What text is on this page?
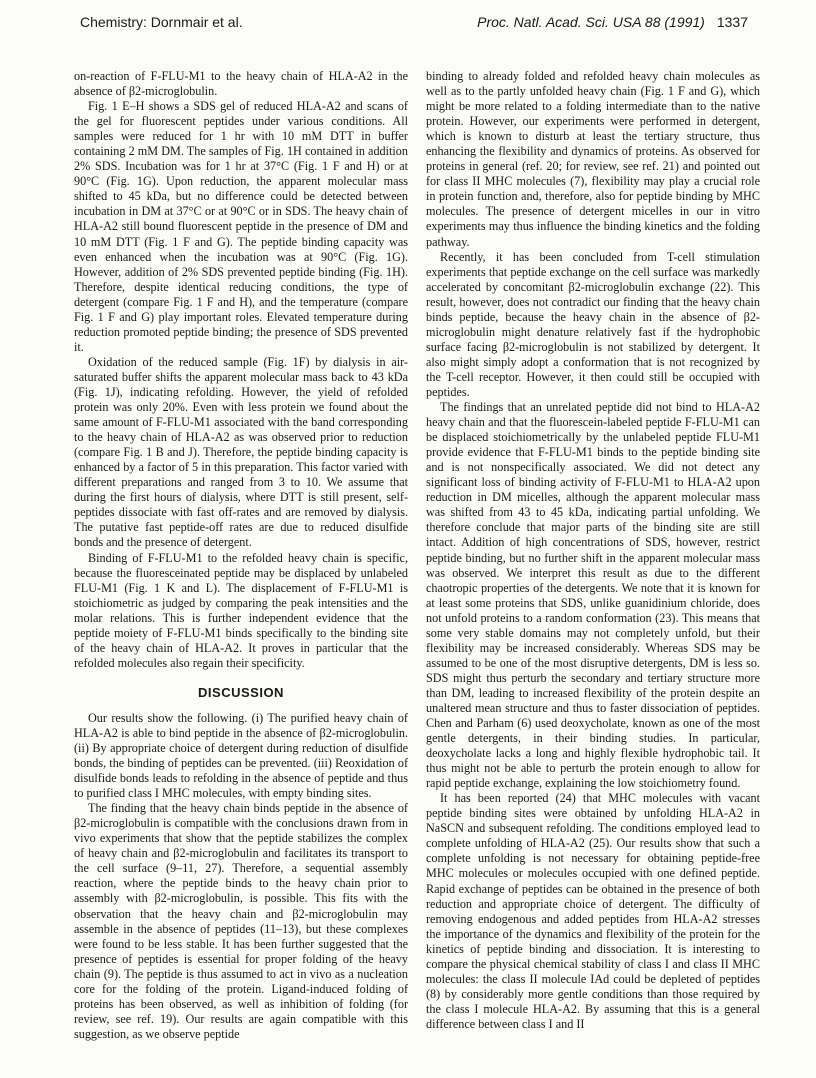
Chemistry: Dornmair et al.	Proc. Natl. Acad. Sci. USA 88 (1991) 1337

on-reaction of F-FLU-M1 to the heavy chain of HLA-A2 in the absence of β2-microglobulin.

Fig. 1 E–H shows a SDS gel of reduced HLA-A2 and scans of the gel for fluorescent peptides under various conditions. All samples were reduced for 1 hr with 10 mM DTT in buffer containing 2 mM DM. The samples of Fig. 1H contained in addition 2% SDS. Incubation was for 1 hr at 37°C (Fig. 1 F and H) or at 90°C (Fig. 1G). Upon reduction, the apparent molecular mass shifted to 45 kDa, but no difference could be detected between incubation in DM at 37°C or at 90°C or in SDS. The heavy chain of HLA-A2 still bound fluorescent peptide in the presence of DM and 10 mM DTT (Fig. 1 F and G). The peptide binding capacity was even enhanced when the incubation was at 90°C (Fig. 1G). However, addition of 2% SDS prevented peptide binding (Fig. 1H). Therefore, despite identical reducing conditions, the type of detergent (compare Fig. 1 F and H), and the temperature (compare Fig. 1 F and G) play important roles. Elevated temperature during reduction promoted peptide binding; the presence of SDS prevented it.

Oxidation of the reduced sample (Fig. 1F) by dialysis in air-saturated buffer shifts the apparent molecular mass back to 43 kDa (Fig. 1J), indicating refolding. However, the yield of refolded protein was only 20%. Even with less protein we found about the same amount of F-FLU-M1 associated with the band corresponding to the heavy chain of HLA-A2 as was observed prior to reduction (compare Fig. 1 B and J). Therefore, the peptide binding capacity is enhanced by a factor of 5 in this preparation. This factor varied with different preparations and ranged from 3 to 10. We assume that during the first hours of dialysis, where DTT is still present, self-peptides dissociate with fast off-rates and are removed by dialysis. The putative fast peptide-off rates are due to reduced disulfide bonds and the presence of detergent.

Binding of F-FLU-M1 to the refolded heavy chain is specific, because the fluoresceinated peptide may be displaced by unlabeled FLU-M1 (Fig. 1 K and L). The displacement of F-FLU-M1 is stoichiometric as judged by comparing the peak intensities and the molar relations. This is further independent evidence that the peptide moiety of F-FLU-M1 binds specifically to the binding site of the heavy chain of HLA-A2. It proves in particular that the refolded molecules also regain their specificity.

DISCUSSION

Our results show the following. (i) The purified heavy chain of HLA-A2 is able to bind peptide in the absence of β2-microglobulin. (ii) By appropriate choice of detergent during reduction of disulfide bonds, the binding of peptides can be prevented. (iii) Reoxidation of disulfide bonds leads to refolding in the absence of peptide and thus to purified class I MHC molecules, with empty binding sites.

The finding that the heavy chain binds peptide in the absence of β2-microglobulin is compatible with the conclusions drawn from in vivo experiments that show that the peptide stabilizes the complex of heavy chain and β2-microglobulin and facilitates its transport to the cell surface (9–11, 27). Therefore, a sequential assembly reaction, where the peptide binds to the heavy chain prior to assembly with β2-microglobulin, is possible. This fits with the observation that the heavy chain and β2-microglobulin may assemble in the absence of peptides (11–13), but these complexes were found to be less stable. It has been further suggested that the presence of peptides is essential for proper folding of the heavy chain (9). The peptide is thus assumed to act in vivo as a nucleation core for the folding of the protein. Ligand-induced folding of proteins has been observed, as well as inhibition of folding (for review, see ref. 19). Our results are again compatible with this suggestion, as we observe peptide

binding to already folded and refolded heavy chain molecules as well as to the partly unfolded heavy chain (Fig. 1 F and G), which might be more related to a folding intermediate than to the native protein. However, our experiments were performed in detergent, which is known to disturb at least the tertiary structure, thus enhancing the flexibility and dynamics of proteins. As observed for proteins in general (ref. 20; for review, see ref. 21) and pointed out for class II MHC molecules (7), flexibility may play a crucial role in protein function and, therefore, also for peptide binding by MHC molecules. The presence of detergent micelles in our in vitro experiments may thus influence the binding kinetics and the folding pathway.

Recently, it has been concluded from T-cell stimulation experiments that peptide exchange on the cell surface was markedly accelerated by concomitant β2-microglobulin exchange (22). This result, however, does not contradict our finding that the heavy chain binds peptide, because the heavy chain in the absence of β2-microglobulin might denature relatively fast if the hydrophobic surface facing β2-microglobulin is not stabilized by detergent. It also might simply adopt a conformation that is not recognized by the T-cell receptor. However, it then could still be occupied with peptides.

The findings that an unrelated peptide did not bind to HLA-A2 heavy chain and that the fluorescein-labeled peptide F-FLU-M1 can be displaced stoichiometrically by the unlabeled peptide FLU-M1 provide evidence that F-FLU-M1 binds to the peptide binding site and is not nonspecifically associated. We did not detect any significant loss of binding activity of F-FLU-M1 to HLA-A2 upon reduction in DM micelles, although the apparent molecular mass was shifted from 43 to 45 kDa, indicating partial unfolding. We therefore conclude that major parts of the binding site are still intact. Addition of high concentrations of SDS, however, restrict peptide binding, but no further shift in the apparent molecular mass was observed. We interpret this result as due to the different chaotropic properties of the detergents. We note that it is known for at least some proteins that SDS, unlike guanidinium chloride, does not unfold proteins to a random conformation (23). This means that some very stable domains may not completely unfold, but their flexibility may be increased considerably. Whereas SDS may be assumed to be one of the most disruptive detergents, DM is less so. SDS might thus perturb the secondary and tertiary structure more than DM, leading to increased flexibility of the protein despite an unaltered mean structure and thus to faster dissociation of peptides. Chen and Parham (6) used deoxycholate, known as one of the most gentle detergents, in their binding studies. In particular, deoxycholate lacks a long and highly flexible hydrophobic tail. It thus might not be able to perturb the protein enough to allow for rapid peptide exchange, explaining the low stoichiometry found.

It has been reported (24) that MHC molecules with vacant peptide binding sites were obtained by unfolding HLA-A2 in NaSCN and subsequent refolding. The conditions employed lead to complete unfolding of HLA-A2 (25). Our results show that such a complete unfolding is not necessary for obtaining peptide-free MHC molecules or molecules occupied with one defined peptide. Rapid exchange of peptides can be obtained in the presence of both reduction and appropriate choice of detergent. The difficulty of removing endogenous and added peptides from HLA-A2 stresses the importance of the dynamics and flexibility of the protein for the kinetics of peptide binding and dissociation. It is interesting to compare the physical chemical stability of class I and class II MHC molecules: the class II molecule IAd could be depleted of peptides (8) by considerably more gentle conditions than those required by the class I molecule HLA-A2. By assuming that this is a general difference between class I and II
